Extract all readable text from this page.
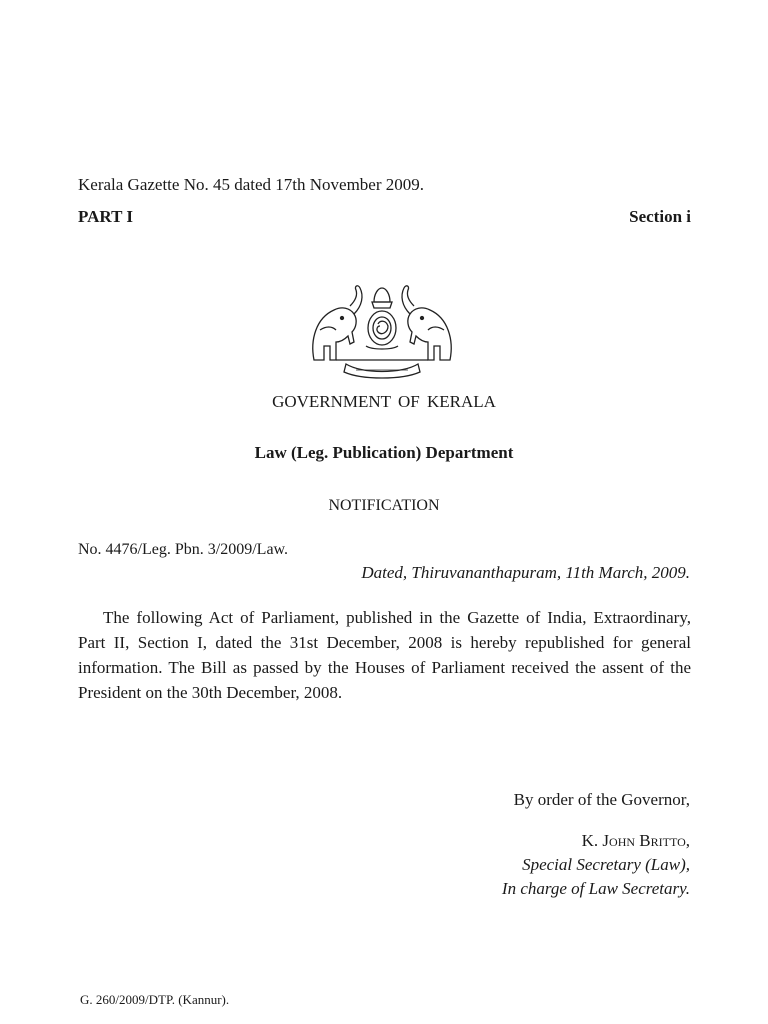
Kerala Gazette No. 45 dated 17th November 2009.
PART I	Section i
GOVERNMENT OF KERALA
Law (Leg. Publication) Department
NOTIFICATION
No. 4476/Leg. Pbn. 3/2009/Law.
Dated, Thiruvananthapuram, 11th March, 2009.
The following Act of Parliament, published in the Gazette of India, Extraordinary, Part II, Section I, dated the 31st December, 2008 is hereby republished for general information. The Bill as passed by the Houses of Parliament received the assent of the President on the 30th December, 2008.
By order of the Governor,
K. John Britto,
Special Secretary (Law),
In charge of Law Secretary.
G. 260/2009/DTP. (Kannur).
